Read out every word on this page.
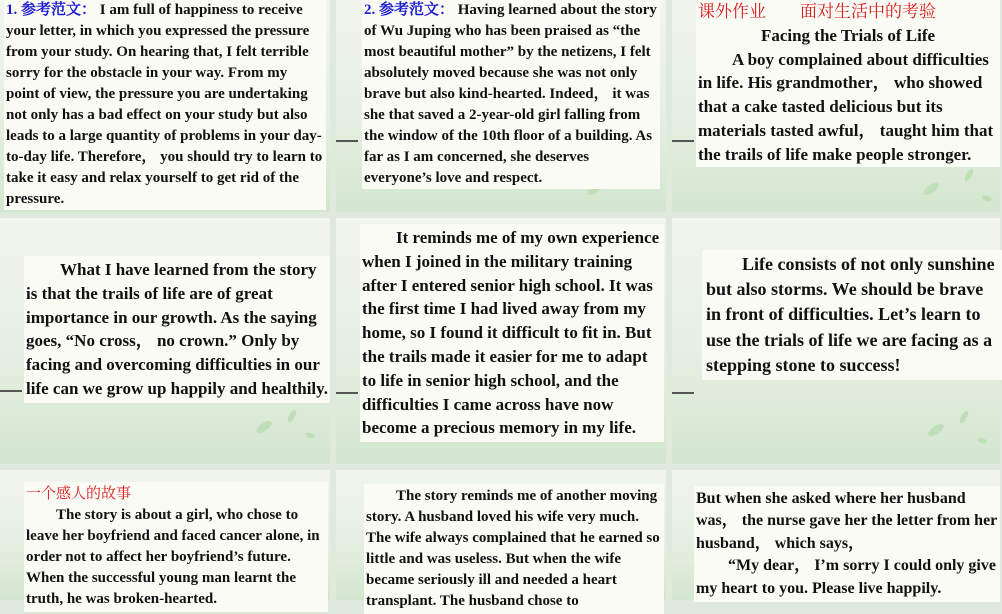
1. 参考范文： I am full of happiness to receive your letter, in which you expressed the pressure from your study. On hearing that, I felt terrible sorry for the obstacle in your way. From my point of view, the pressure you are undertaking not only has a bad effect on your study but also leads to a large quantity of problems in your day-to-day life. Therefore， you should try to learn to take it easy and relax yourself to get rid of the pressure.

2. 参考范文： Having learned about the story of Wu Juping who has been praised as “the most beautiful mother” by the netizens, I felt absolutely moved because she was not only brave but also kind-hearted. Indeed， it was she that saved a 2-year-old girl falling from the window of the 10th floor of a building. As far as I am concerned, she deserves everyone’s love and respect.

课外作业 面对生活中的考验

Facing the Trials of Life

A boy complained about difficulties in life. His grandmother， who showed that a cake tasted delicious but its materials tasted awful， taught him that the trails of life make people stronger.

What I have learned from the story is that the trails of life are of great importance in our growth. As the saying goes, “No cross， no crown.” Only by facing and overcoming difficulties in our life can we grow up happily and healthily.

It reminds me of my own experience when I joined in the military training after I entered senior high school. It was the first time I had lived away from my home, so I found it difficult to fit in. But the trails made it easier for me to adapt to life in senior high school, and the difficulties I came across have now become a precious memory in my life.

Life consists of not only sunshine but also storms. We should be brave in front of difficulties. Let’s learn to use the trials of life we are facing as a stepping stone to success!

一个感人的故事

The story is about a girl, who chose to leave her boyfriend and faced cancer alone, in order not to affect her boyfriend’s future. When the successful young man learnt the truth, he was broken-hearted.

The story reminds me of another moving story. A husband loved his wife very much. The wife always complained that he earned so little and was useless. But when the wife became seriously ill and needed a heart transplant. The husband chose to

But when she asked where her husband was， the nurse gave her the letter from her husband， which says，

“My dear， I’m sorry I could only give my heart to you. Please live happily.
